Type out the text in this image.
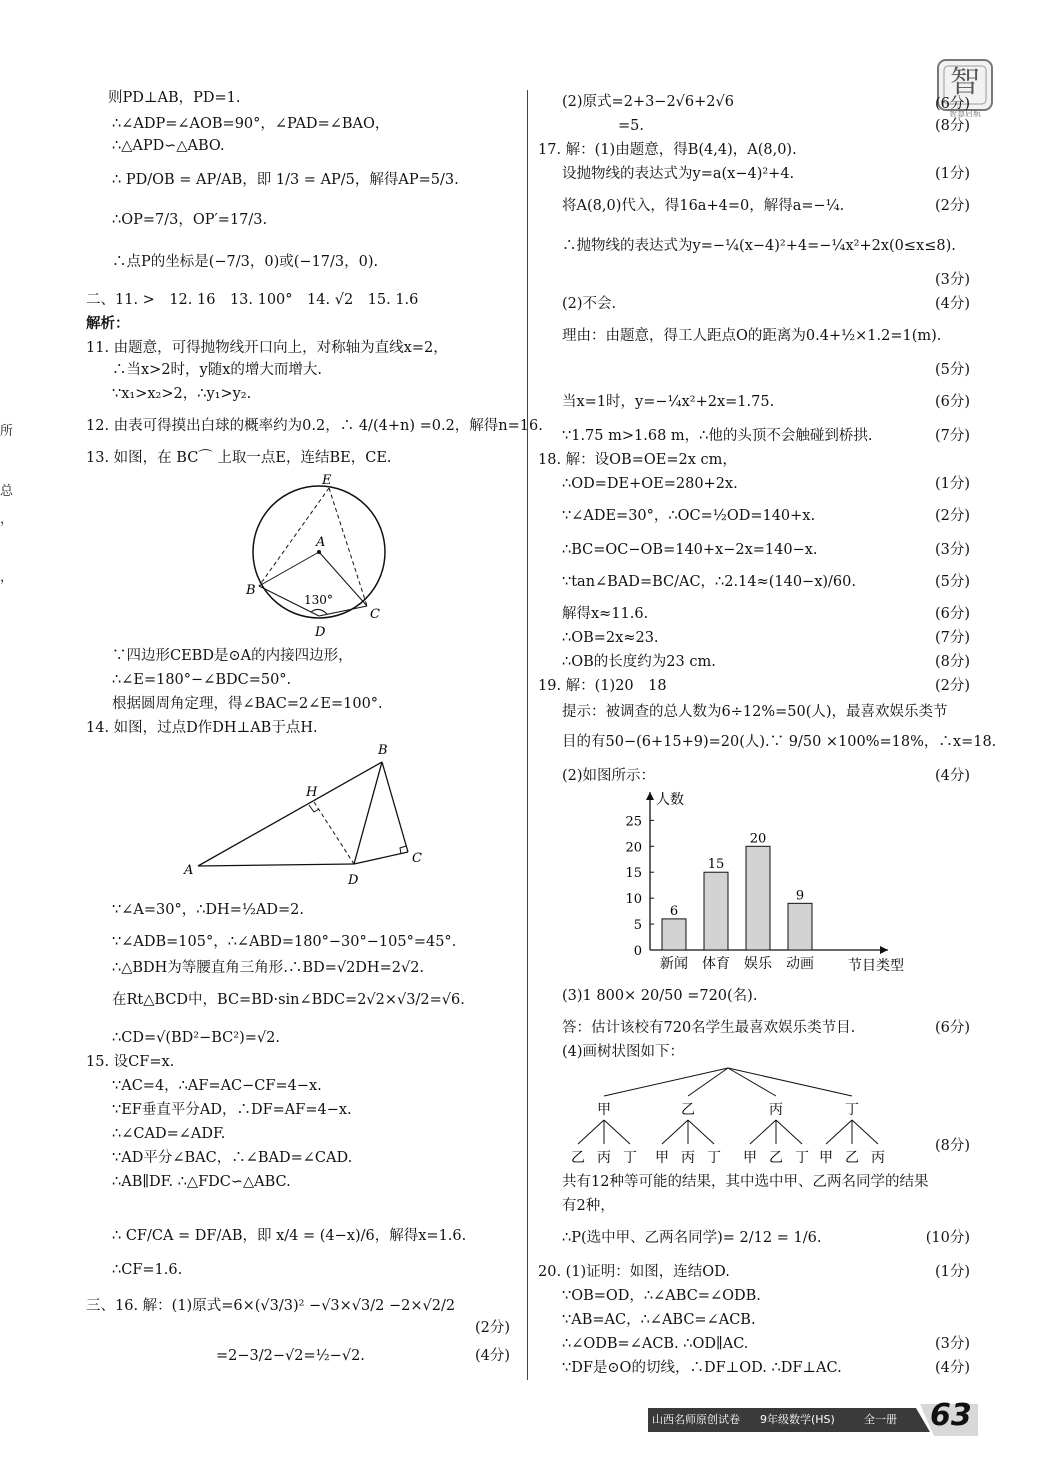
所
总
，
，
智
智慧启航
则PD⊥AB，PD=1.
∴∠ADP=∠AOB=90°，∠PAD=∠BAO，
∴△APD∽△ABO.
∴ PD/OB = AP/AB，即 1/3 = AP/5，解得AP=5/3.
∴OP=7/3，OP′=17/3.
∴点P的坐标是(−7/3，0)或(−17/3，0).
二、11. >　12. 16　13. 100°　14. √2　15. 1.6
解析：
11. 由题意，可得抛物线开口向上，对称轴为直线x=2，
∴当x>2时，y随x的增大而增大.
∵x₁>x₂>2，∴y₁>y₂.
12. 由表可得摸出白球的概率约为0.2，∴ 4/(4+n) =0.2，解得n=16.
13. 如图，在 BC⌒ 上取一点E，连结BE，CE.
E
A
B
C
D
130°
∵四边形CEBD是⊙A的内接四边形，
∴∠E=180°−∠BDC=50°.
根据圆周角定理，得∠BAC=2∠E=100°.
14. 如图，过点D作DH⊥AB于点H.
B
H
C
A
D
∵∠A=30°，∴DH=½AD=2.
∵∠ADB=105°，∴∠ABD=180°−30°−105°=45°.
∴△BDH为等腰直角三角形.∴BD=√2DH=2√2.
在Rt△BCD中，BC=BD·sin∠BDC=2√2×√3/2=√6.
∴CD=√(BD²−BC²)=√2.
15. 设CF=x.
∵AC=4，∴AF=AC−CF=4−x.
∵EF垂直平分AD，∴DF=AF=4−x.
∴∠CAD=∠ADF.
∵AD平分∠BAC，∴∠BAD=∠CAD.
∴AB∥DF. ∴△FDC∽△ABC.
∴ CF/CA = DF/AB，即 x/4 = (4−x)/6，解得x=1.6.
∴CF=1.6.
三、16. 解：(1)原式=6×(√3/3)² −√3×√3/2 −2×√2/2
(2分)
=2−3/2−√2=½−√2.	(4分)
(2)原式=2+3−2√6+2√6	(6分)
=5.	(8分)
17. 解：(1)由题意，得B(4,4)，A(8,0).
设抛物线的表达式为y=a(x−4)²+4.	(1分)
将A(8,0)代入，得16a+4=0，解得a=−¼.	(2分)
∴抛物线的表达式为y=−¼(x−4)²+4=−¼x²+2x(0≤x≤8).
(3分)
(2)不会.	(4分)
理由：由题意，得工人距点O的距离为0.4+½×1.2=1(m).
(5分)
当x=1时，y=−¼x²+2x=1.75.	(6分)
∵1.75 m>1.68 m，∴他的头顶不会触碰到桥拱.	(7分)
18. 解：设OB=OE=2x cm，
∴OD=DE+OE=280+2x.	(1分)
∵∠ADE=30°，∴OC=½OD=140+x.	(2分)
∴BC=OC−OB=140+x−2x=140−x.	(3分)
∵tan∠BAD=BC/AC，∴2.14≈(140−x)/60.	(5分)
解得x≈11.6.	(6分)
∴OB=2x≈23.	(7分)
∴OB的长度约为23 cm.	(8分)
19. 解：(1)20　18	(2分)
提示：被调查的总人数为6÷12%=50(人)，最喜欢娱乐类节
目的有50−(6+15+9)=20(人).∵ 9/50 ×100%=18%，∴x=18.
(2)如图所示：	(4分)
人数
节目类型
0
5
10
15
20
25
6
新闻
15
体育
20
娱乐
9
动画
(3)1 800× 20/50 =720(名).
答：估计该校有720名学生最喜欢娱乐类节目.	(6分)
(4)画树状图如下：
甲
乙 丙 丁
乙
甲 丙 丁
丙
甲 乙 丁
丁
甲 乙 丙
(8分)
共有12种等可能的结果，其中选中甲、乙两名同学的结果
有2种，
∴P(选中甲、乙两名同学)= 2/12 = 1/6.	(10分)
20. (1)证明：如图，连结OD.	(1分)
∵OB=OD，∴∠ABC=∠ODB.
∵AB=AC，∴∠ABC=∠ACB.
∴∠ODB=∠ACB. ∴OD∥AC.	(3分)
∵DF是⊙O的切线，∴DF⊥OD. ∴DF⊥AC.	(4分)
山西名师原创试卷 9年级数学(HS)	全一册 63
